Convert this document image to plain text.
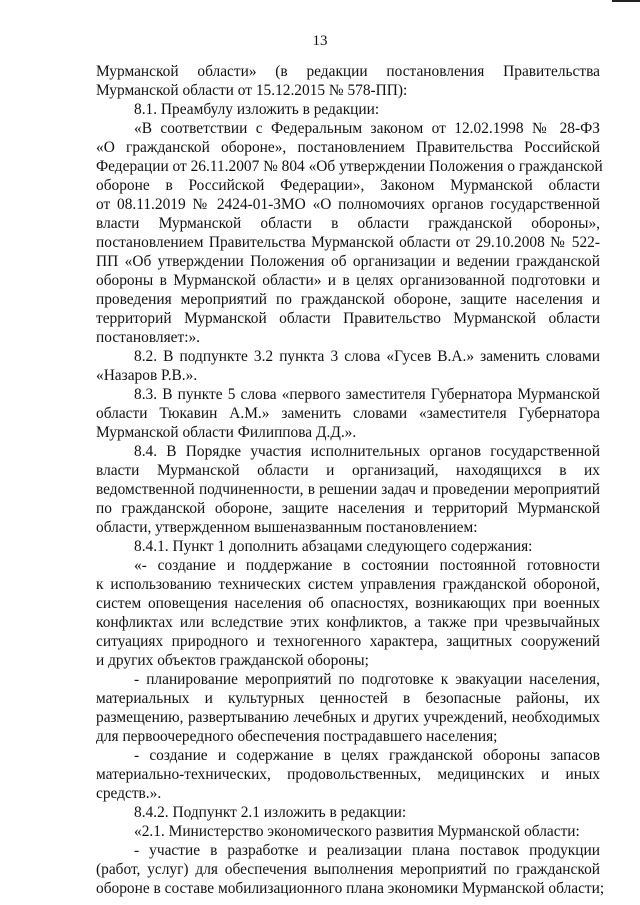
13
Мурманской области» (в редакции постановления Правительства
Мурманской области от 15.12.2015 № 578-ПП):
8.1. Преамбулу изложить в редакции:
«В соответствии с Федеральным законом от 12.02.1998 № 28-ФЗ
«О гражданской обороне», постановлением Правительства Российской
Федерации от 26.11.2007 № 804 «Об утверждении Положения о гражданской
обороне в Российской Федерации», Законом Мурманской области
от 08.11.2019 № 2424-01-ЗМО «О полномочиях органов государственной
власти Мурманской области в области гражданской обороны»,
постановлением Правительства Мурманской области от 29.10.2008 № 522-
ПП «Об утверждении Положения об организации и ведении гражданской
обороны в Мурманской области» и в целях организованной подготовки и
проведения мероприятий по гражданской обороне, защите населения и
территорий Мурманской области Правительство Мурманской области
постановляет:».
8.2. В подпункте 3.2 пункта 3 слова «Гусев В.А.» заменить словами
«Назаров Р.В.».
8.3. В пункте 5 слова «первого заместителя Губернатора Мурманской
области Тюкавин А.М.» заменить словами «заместителя Губернатора
Мурманской области Филиппова Д.Д.».
8.4. В Порядке участия исполнительных органов государственной
власти Мурманской области и организаций, находящихся в их
ведомственной подчиненности, в решении задач и проведении мероприятий
по гражданской обороне, защите населения и территорий Мурманской
области, утвержденном вышеназванным постановлением:
8.4.1. Пункт 1 дополнить абзацами следующего содержания:
«- создание и поддержание в состоянии постоянной готовности
к использованию технических систем управления гражданской обороной,
систем оповещения населения об опасностях, возникающих при военных
конфликтах или вследствие этих конфликтов, а также при чрезвычайных
ситуациях природного и техногенного характера, защитных сооружений
и других объектов гражданской обороны;
- планирование мероприятий по подготовке к эвакуации населения,
материальных и культурных ценностей в безопасные районы, их
размещению, развертыванию лечебных и других учреждений, необходимых
для первоочередного обеспечения пострадавшего населения;
- создание и содержание в целях гражданской обороны запасов
материально-технических, продовольственных, медицинских и иных
средств.».
8.4.2. Подпункт 2.1 изложить в редакции:
«2.1. Министерство экономического развития Мурманской области:
- участие в разработке и реализации плана поставок продукции
(работ, услуг) для обеспечения выполнения мероприятий по гражданской
обороне в составе мобилизационного плана экономики Мурманской области;
